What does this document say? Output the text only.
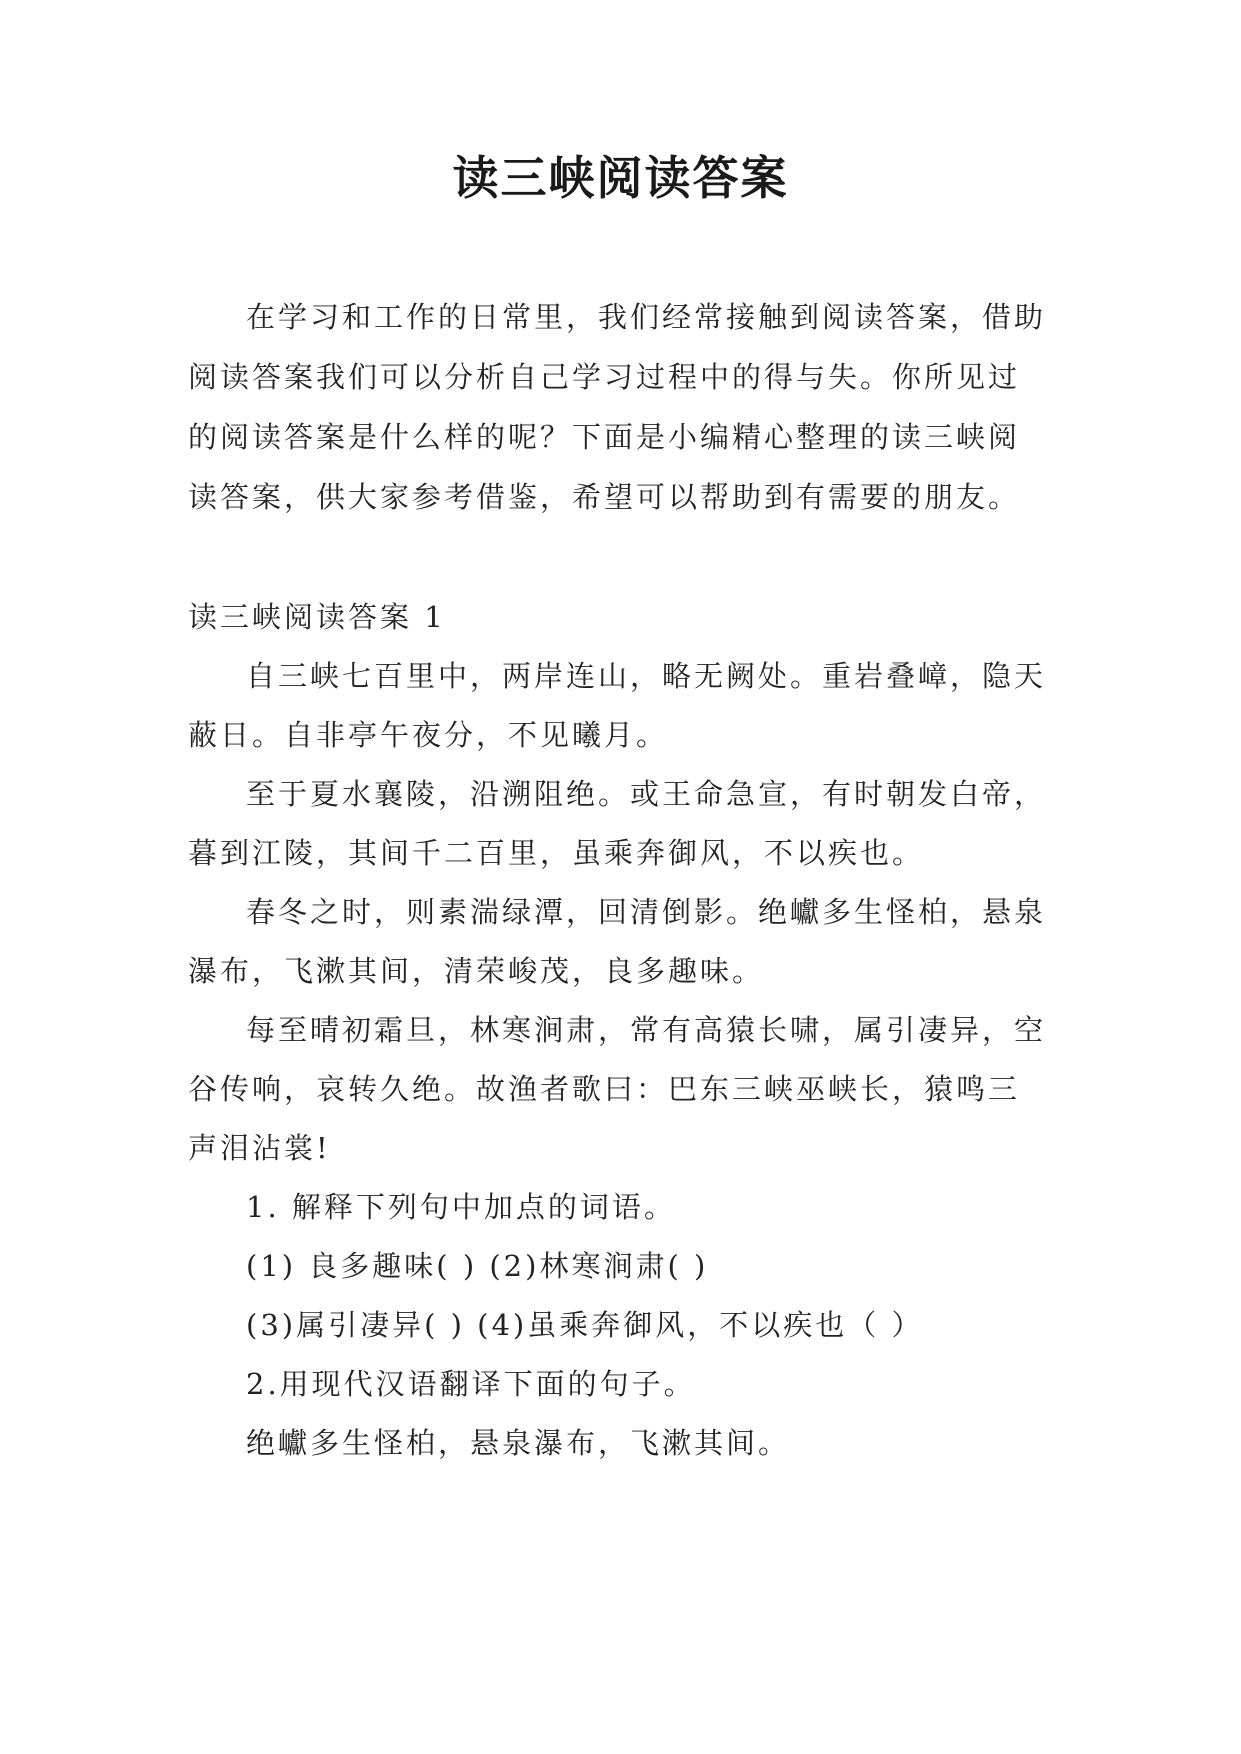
读三峡阅读答案

在学习和工作的日常里，我们经常接触到阅读答案，借助阅读答案我们可以分析自己学习过程中的得与失。你所见过的阅读答案是什么样的呢？下面是小编精心整理的读三峡阅读答案，供大家参考借鉴，希望可以帮助到有需要的朋友。

读三峡阅读答案 1

自三峡七百里中，两岸连山，略无阙处。重岩叠嶂，隐天蔽日。自非亭午夜分，不见曦月。

至于夏水襄陵，沿溯阻绝。或王命急宣，有时朝发白帝，暮到江陵，其间千二百里，虽乘奔御风，不以疾也。

春冬之时，则素湍绿潭，回清倒影。绝巘多生怪柏，悬泉瀑布，飞漱其间，清荣峻茂，良多趣味。

每至晴初霜旦，林寒涧肃，常有高猿长啸，属引凄异，空谷传响，哀转久绝。故渔者歌曰：巴东三峡巫峡长，猿鸣三声泪沾裳!

1. 解释下列句中加点的词语。

(1) 良多趣味( ) (2)林寒涧肃( )

(3)属引凄异( ) (4)虽乘奔御风，不以疾也（ ）

2.用现代汉语翻译下面的句子。

绝巘多生怪柏，悬泉瀑布，飞漱其间。
